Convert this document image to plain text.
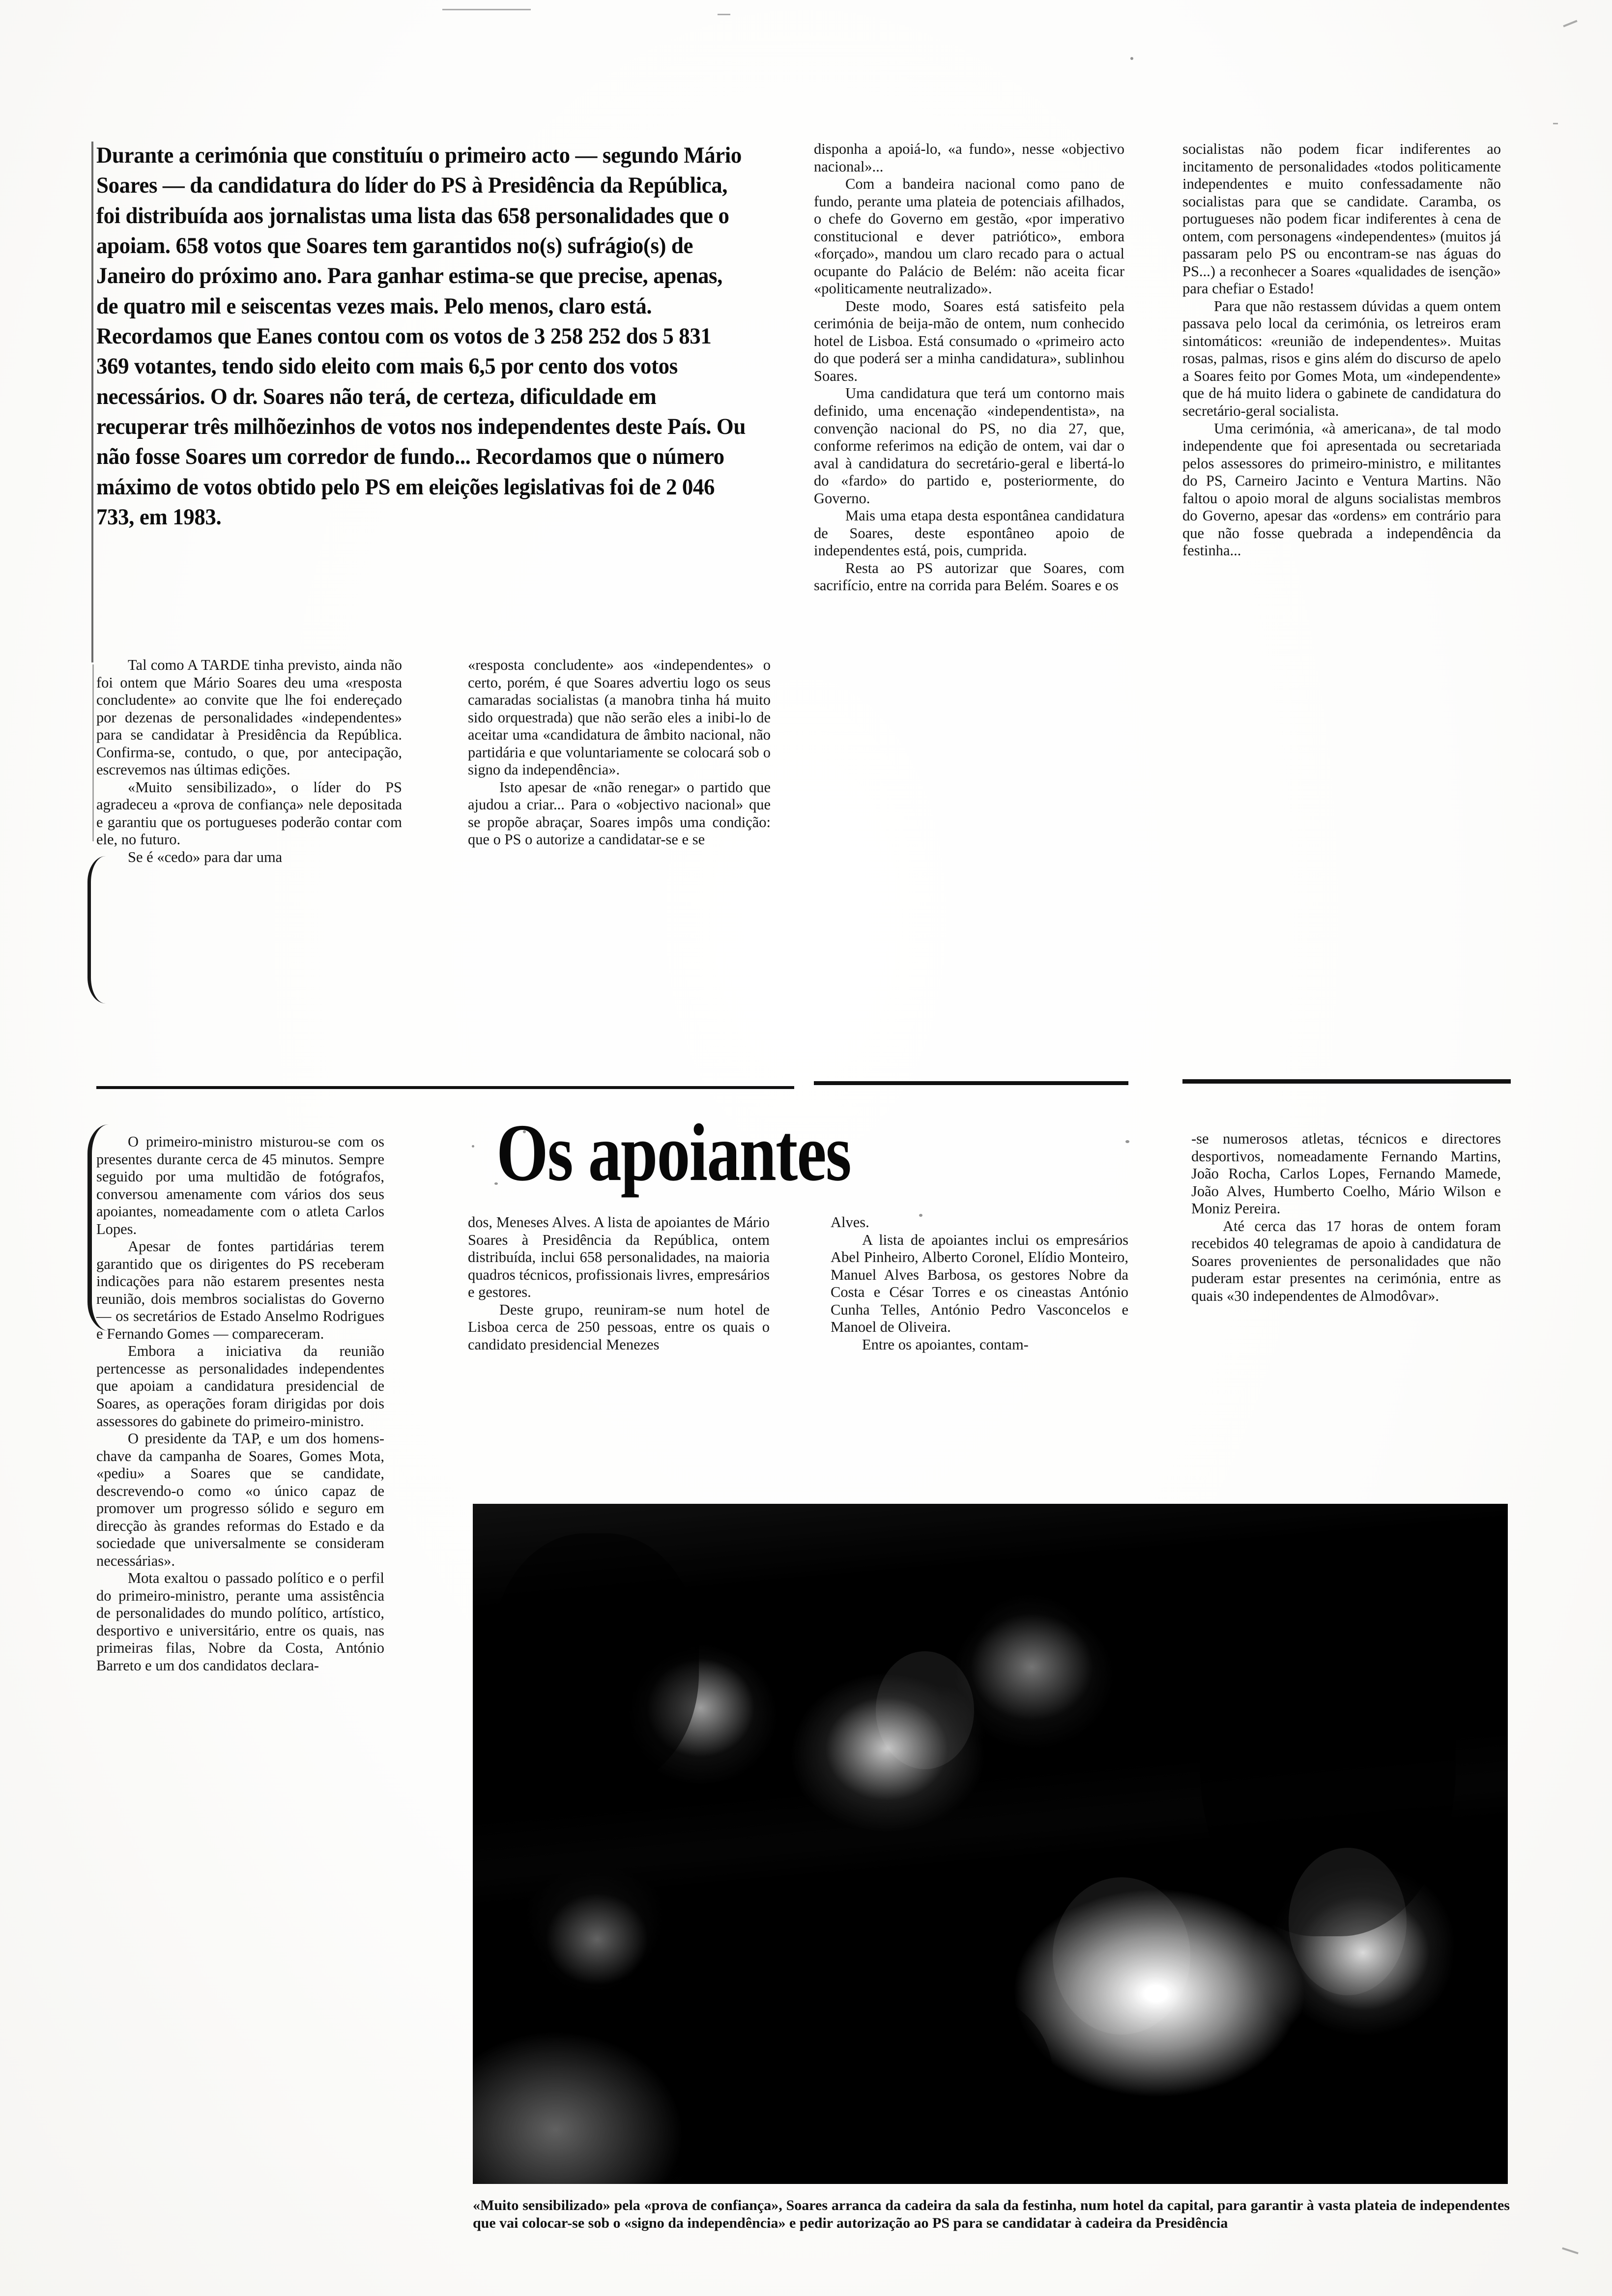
Durante a cerimónia que constituíu o primeiro acto — segundo Mário Soares — da candidatura do líder do PS à Presidência da República, foi distribuída aos jornalistas uma lista das 658 personalidades que o apoiam. 658 votos que Soares tem garantidos no(s) sufrágio(s) de Janeiro do próximo ano. Para ganhar estima-se que precise, apenas, de quatro mil e seiscentas vezes mais. Pelo menos, claro está. Recordamos que Eanes contou com os votos de 3 258 252 dos 5 831 369 votantes, tendo sido eleito com mais 6,5 por cento dos votos necessários. O dr. Soares não terá, de certeza, dificuldade em recuperar três milhõezinhos de votos nos independentes deste País. Ou não fosse Soares um corredor de fundo... Recordamos que o número máximo de votos obtido pelo PS em eleições legislativas foi de 2 046 733, em 1983.

Tal como A TARDE tinha previsto, ainda não foi ontem que Mário Soares deu uma «resposta concludente» ao convite que lhe foi endereçado por dezenas de personalidades «independentes» para se candidatar à Presidência da República. Confirma-se, contudo, o que, por antecipação, escrevemos nas últimas edições.

«Muito sensibilizado», o líder do PS agradeceu a «prova de confiança» nele depositada e garantiu que os portugueses poderão contar com ele, no futuro.

Se é «cedo» para dar uma

«resposta concludente» aos «independentes» o certo, porém, é que Soares advertiu logo os seus camaradas socialistas (a manobra tinha há muito sido orquestrada) que não serão eles a inibi-lo de aceitar uma «candidatura de âmbito nacional, não partidária e que voluntariamente se colocará sob o signo da independência».

Isto apesar de «não renegar» o partido que ajudou a criar... Para o «objectivo nacional» que se propõe abraçar, Soares impôs uma condição: que o PS o autorize a candidatar-se e se

disponha a apoiá-lo, «a fundo», nesse «objectivo nacional»...

Com a bandeira nacional como pano de fundo, perante uma plateia de potenciais afilhados, o chefe do Governo em gestão, «por imperativo constitucional e dever patriótico», embora «forçado», mandou um claro recado para o actual ocupante do Palácio de Belém: não aceita ficar «politicamente neutralizado».

Deste modo, Soares está satisfeito pela cerimónia de beija-mão de ontem, num conhecido hotel de Lisboa. Está consumado o «primeiro acto do que poderá ser a minha candidatura», sublinhou Soares.

Uma candidatura que terá um contorno mais definido, uma encenação «independentista», na convenção nacional do PS, no dia 27, que, conforme referimos na edição de ontem, vai dar o aval à candidatura do secretário-geral e libertá-lo do «fardo» do partido e, posteriormente, do Governo.

Mais uma etapa desta espontânea candidatura de Soares, deste espontâneo apoio de independentes está, pois, cumprida.

Resta ao PS autorizar que Soares, com sacrifício, entre na corrida para Belém. Soares e os

socialistas não podem ficar indiferentes ao incitamento de personalidades «todos politicamente independentes e muito confessadamente não socialistas para que se candidate. Caramba, os portugueses não podem ficar indiferentes à cena de ontem, com personagens «independentes» (muitos já passaram pelo PS ou encontram-se nas águas do PS...) a reconhecer a Soares «qualidades de isenção» para chefiar o Estado!

Para que não restassem dúvidas a quem ontem passava pelo local da cerimónia, os letreiros eram sintomáticos: «reunião de independentes». Muitas rosas, palmas, risos e gins além do discurso de apelo a Soares feito por Gomes Mota, um «independente» que de há muito lidera o gabinete de candidatura do secretário-geral socialista.

Uma cerimónia, «à americana», de tal modo independente que foi apresentada ou secretariada pelos assessores do primeiro-ministro, e militantes do PS, Carneiro Jacinto e Ventura Martins. Não faltou o apoio moral de alguns socialistas membros do Governo, apesar das «ordens» em contrário para que não fosse quebrada a independência da festinha...

Os apoiantes

O primeiro-ministro misturou-se com os presentes durante cerca de 45 minutos. Sempre seguido por uma multidão de fotógrafos, conversou amenamente com vários dos seus apoiantes, nomeadamente com o atleta Carlos Lopes.

Apesar de fontes partidárias terem garantido que os dirigentes do PS receberam indicações para não estarem presentes nesta reunião, dois membros socialistas do Governo — os secretários de Estado Anselmo Rodrigues e Fernando Gomes — compareceram.

Embora a iniciativa da reunião pertencesse as personalidades independentes que apoiam a candidatura presidencial de Soares, as operações foram dirigidas por dois assessores do gabinete do primeiro-ministro.

O presidente da TAP, e um dos homens-chave da campanha de Soares, Gomes Mota, «pediu» a Soares que se candidate, descrevendo-o como «o único capaz de promover um progresso sólido e seguro em direcção às grandes reformas do Estado e da sociedade que universalmente se consideram necessárias».

Mota exaltou o passado político e o perfil do primeiro-ministro, perante uma assistência de personalidades do mundo político, artístico, desportivo e universitário, entre os quais, nas primeiras filas, Nobre da Costa, António Barreto e um dos candidatos declara-

dos, Meneses Alves. A lista de apoiantes de Mário Soares à Presidência da República, ontem distribuída, inclui 658 personalidades, na maioria quadros técnicos, profissionais livres, empresários e gestores.

Deste grupo, reuniram-se num hotel de Lisboa cerca de 250 pessoas, entre os quais o candidato presidencial Menezes

Alves.

A lista de apoiantes inclui os empresários Abel Pinheiro, Alberto Coronel, Elídio Monteiro, Manuel Alves Barbosa, os gestores Nobre da Costa e César Torres e os cineastas António Cunha Telles, António Pedro Vasconcelos e Manoel de Oliveira.

Entre os apoiantes, contam-

-se numerosos atletas, técnicos e directores desportivos, nomeadamente Fernando Martins, João Rocha, Carlos Lopes, Fernando Mamede, João Alves, Humberto Coelho, Mário Wilson e Moniz Pereira.

Até cerca das 17 horas de ontem foram recebidos 40 telegramas de apoio à candidatura de Soares provenientes de personalidades que não puderam estar presentes na cerimónia, entre as quais «30 independentes de Almodôvar».

«Muito sensibilizado» pela «prova de confiança», Soares arranca da cadeira da sala da festinha, num hotel da capital, para garantir à vasta plateia de independentes que vai colocar-se sob o «signo da independência» e pedir autorização ao PS para se candidatar à cadeira da Presidência
